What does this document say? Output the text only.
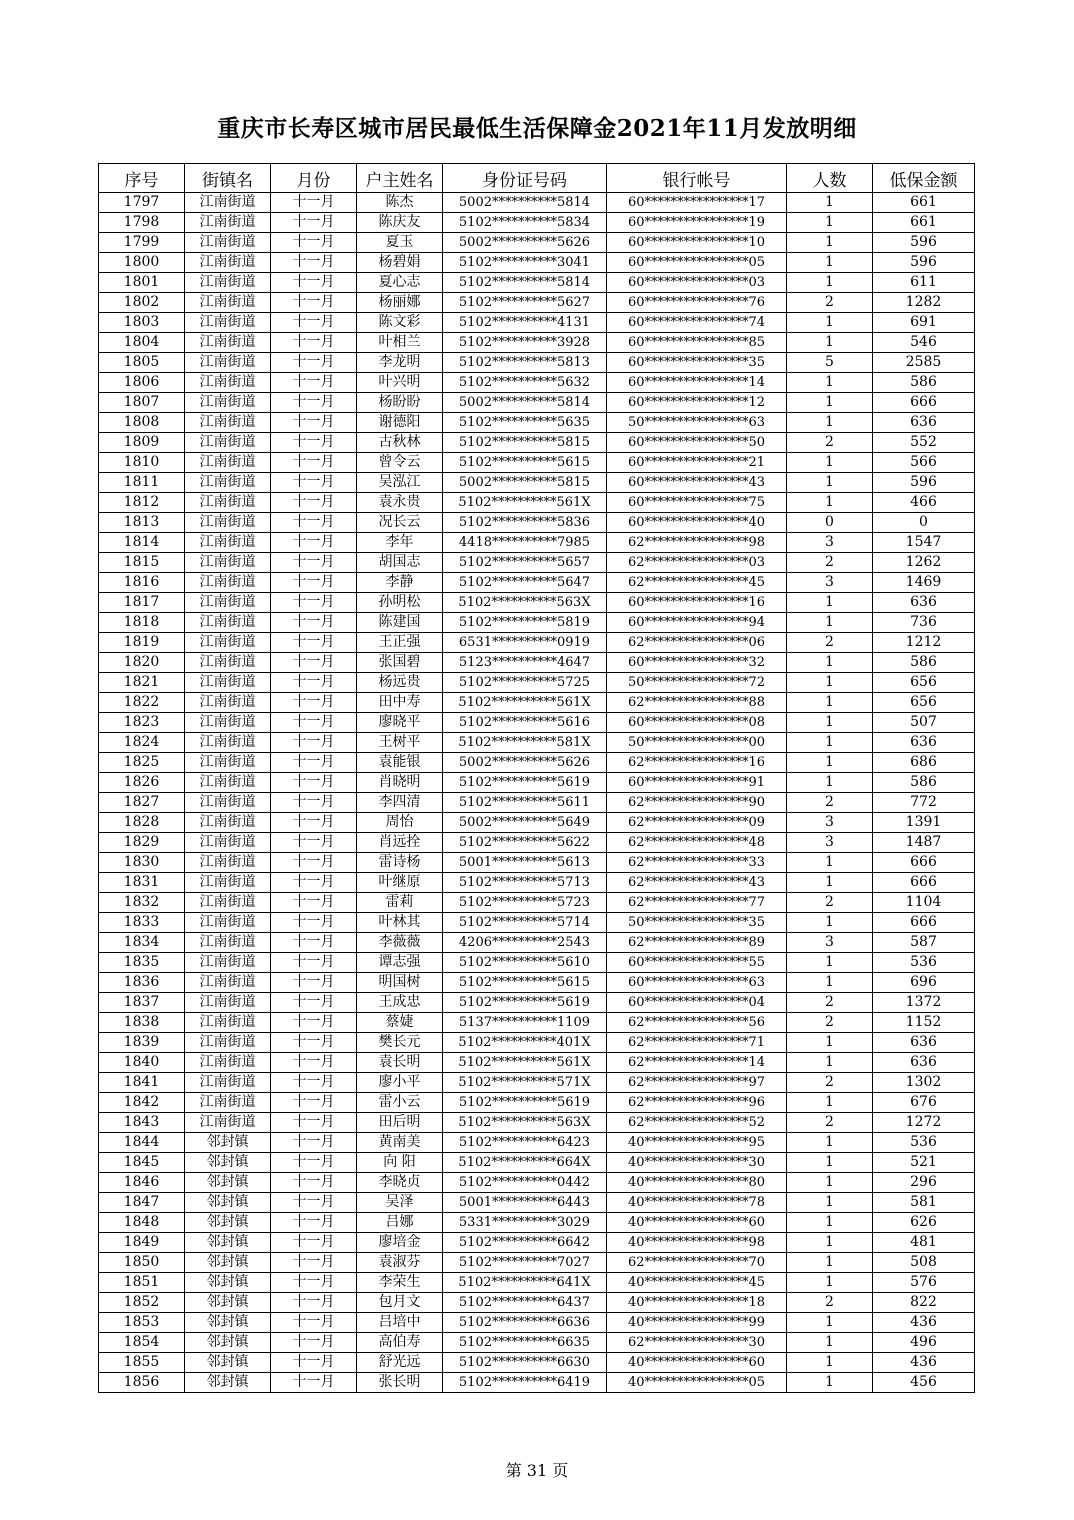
重庆市长寿区城市居民最低生活保障金2021年11月发放明细
序号	街镇名	月份	户主姓名	身份证号码	银行帐号	人数	低保金额
1797	江南街道	十一月	陈杰	5002**********5814	60****************17	1	661
1798	江南街道	十一月	陈庆友	5102**********5834	60****************19	1	661
1799	江南街道	十一月	夏玉	5002**********5626	60****************10	1	596
1800	江南街道	十一月	杨碧娟	5102**********3041	60****************05	1	596
1801	江南街道	十一月	夏心志	5102**********5814	60****************03	1	611
1802	江南街道	十一月	杨丽娜	5102**********5627	60****************76	2	1282
1803	江南街道	十一月	陈文彩	5102**********4131	60****************74	1	691
1804	江南街道	十一月	叶相兰	5102**********3928	60****************85	1	546
1805	江南街道	十一月	李龙明	5102**********5813	60****************35	5	2585
1806	江南街道	十一月	叶兴明	5102**********5632	60****************14	1	586
1807	江南街道	十一月	杨盼盼	5002**********5814	60****************12	1	666
1808	江南街道	十一月	谢德阳	5102**********5635	50****************63	1	636
1809	江南街道	十一月	古秋林	5102**********5815	60****************50	2	552
1810	江南街道	十一月	曾令云	5102**********5615	60****************21	1	566
1811	江南街道	十一月	吴泓江	5002**********5815	60****************43	1	596
1812	江南街道	十一月	袁永贵	5102**********561X	60****************75	1	466
1813	江南街道	十一月	况长云	5102**********5836	60****************40	0	0
1814	江南街道	十一月	李年	4418**********7985	62****************98	3	1547
1815	江南街道	十一月	胡国志	5102**********5657	62****************03	2	1262
1816	江南街道	十一月	李静	5102**********5647	62****************45	3	1469
1817	江南街道	十一月	孙明松	5102**********563X	60****************16	1	636
1818	江南街道	十一月	陈建国	5102**********5819	60****************94	1	736
1819	江南街道	十一月	王正强	6531**********0919	62****************06	2	1212
1820	江南街道	十一月	张国碧	5123**********4647	60****************32	1	586
1821	江南街道	十一月	杨远贵	5102**********5725	50****************72	1	656
1822	江南街道	十一月	田中寿	5102**********561X	62****************88	1	656
1823	江南街道	十一月	廖晓平	5102**********5616	60****************08	1	507
1824	江南街道	十一月	王树平	5102**********581X	50****************00	1	636
1825	江南街道	十一月	袁能银	5002**********5626	62****************16	1	686
1826	江南街道	十一月	肖晓明	5102**********5619	60****************91	1	586
1827	江南街道	十一月	李四清	5102**********5611	62****************90	2	772
1828	江南街道	十一月	周怡	5002**********5649	62****************09	3	1391
1829	江南街道	十一月	肖远拴	5102**********5622	62****************48	3	1487
1830	江南街道	十一月	雷诗杨	5001**********5613	62****************33	1	666
1831	江南街道	十一月	叶继原	5102**********5713	62****************43	1	666
1832	江南街道	十一月	雷莉	5102**********5723	62****************77	2	1104
1833	江南街道	十一月	叶林其	5102**********5714	50****************35	1	666
1834	江南街道	十一月	李薇薇	4206**********2543	62****************89	3	587
1835	江南街道	十一月	谭志强	5102**********5610	60****************55	1	536
1836	江南街道	十一月	明国树	5102**********5615	60****************63	1	696
1837	江南街道	十一月	王成忠	5102**********5619	60****************04	2	1372
1838	江南街道	十一月	蔡婕	5137**********1109	62****************56	2	1152
1839	江南街道	十一月	樊长元	5102**********401X	62****************71	1	636
1840	江南街道	十一月	袁长明	5102**********561X	62****************14	1	636
1841	江南街道	十一月	廖小平	5102**********571X	62****************97	2	1302
1842	江南街道	十一月	雷小云	5102**********5619	62****************96	1	676
1843	江南街道	十一月	田后明	5102**********563X	62****************52	2	1272
1844	邻封镇	十一月	黄南美	5102**********6423	40****************95	1	536
1845	邻封镇	十一月	向 阳	5102**********664X	40****************30	1	521
1846	邻封镇	十一月	李晓贞	5102**********0442	40****************80	1	296
1847	邻封镇	十一月	吴泽	5001**********6443	40****************78	1	581
1848	邻封镇	十一月	吕娜	5331**********3029	40****************60	1	626
1849	邻封镇	十一月	廖培金	5102**********6642	40****************98	1	481
1850	邻封镇	十一月	袁淑芬	5102**********7027	62****************70	1	508
1851	邻封镇	十一月	李荣生	5102**********641X	40****************45	1	576
1852	邻封镇	十一月	包月文	5102**********6437	40****************18	2	822
1853	邻封镇	十一月	吕培中	5102**********6636	40****************99	1	436
1854	邻封镇	十一月	高伯寿	5102**********6635	62****************30	1	496
1855	邻封镇	十一月	舒光远	5102**********6630	40****************60	1	436
1856	邻封镇	十一月	张长明	5102**********6419	40****************05	1	456
第 31 页
